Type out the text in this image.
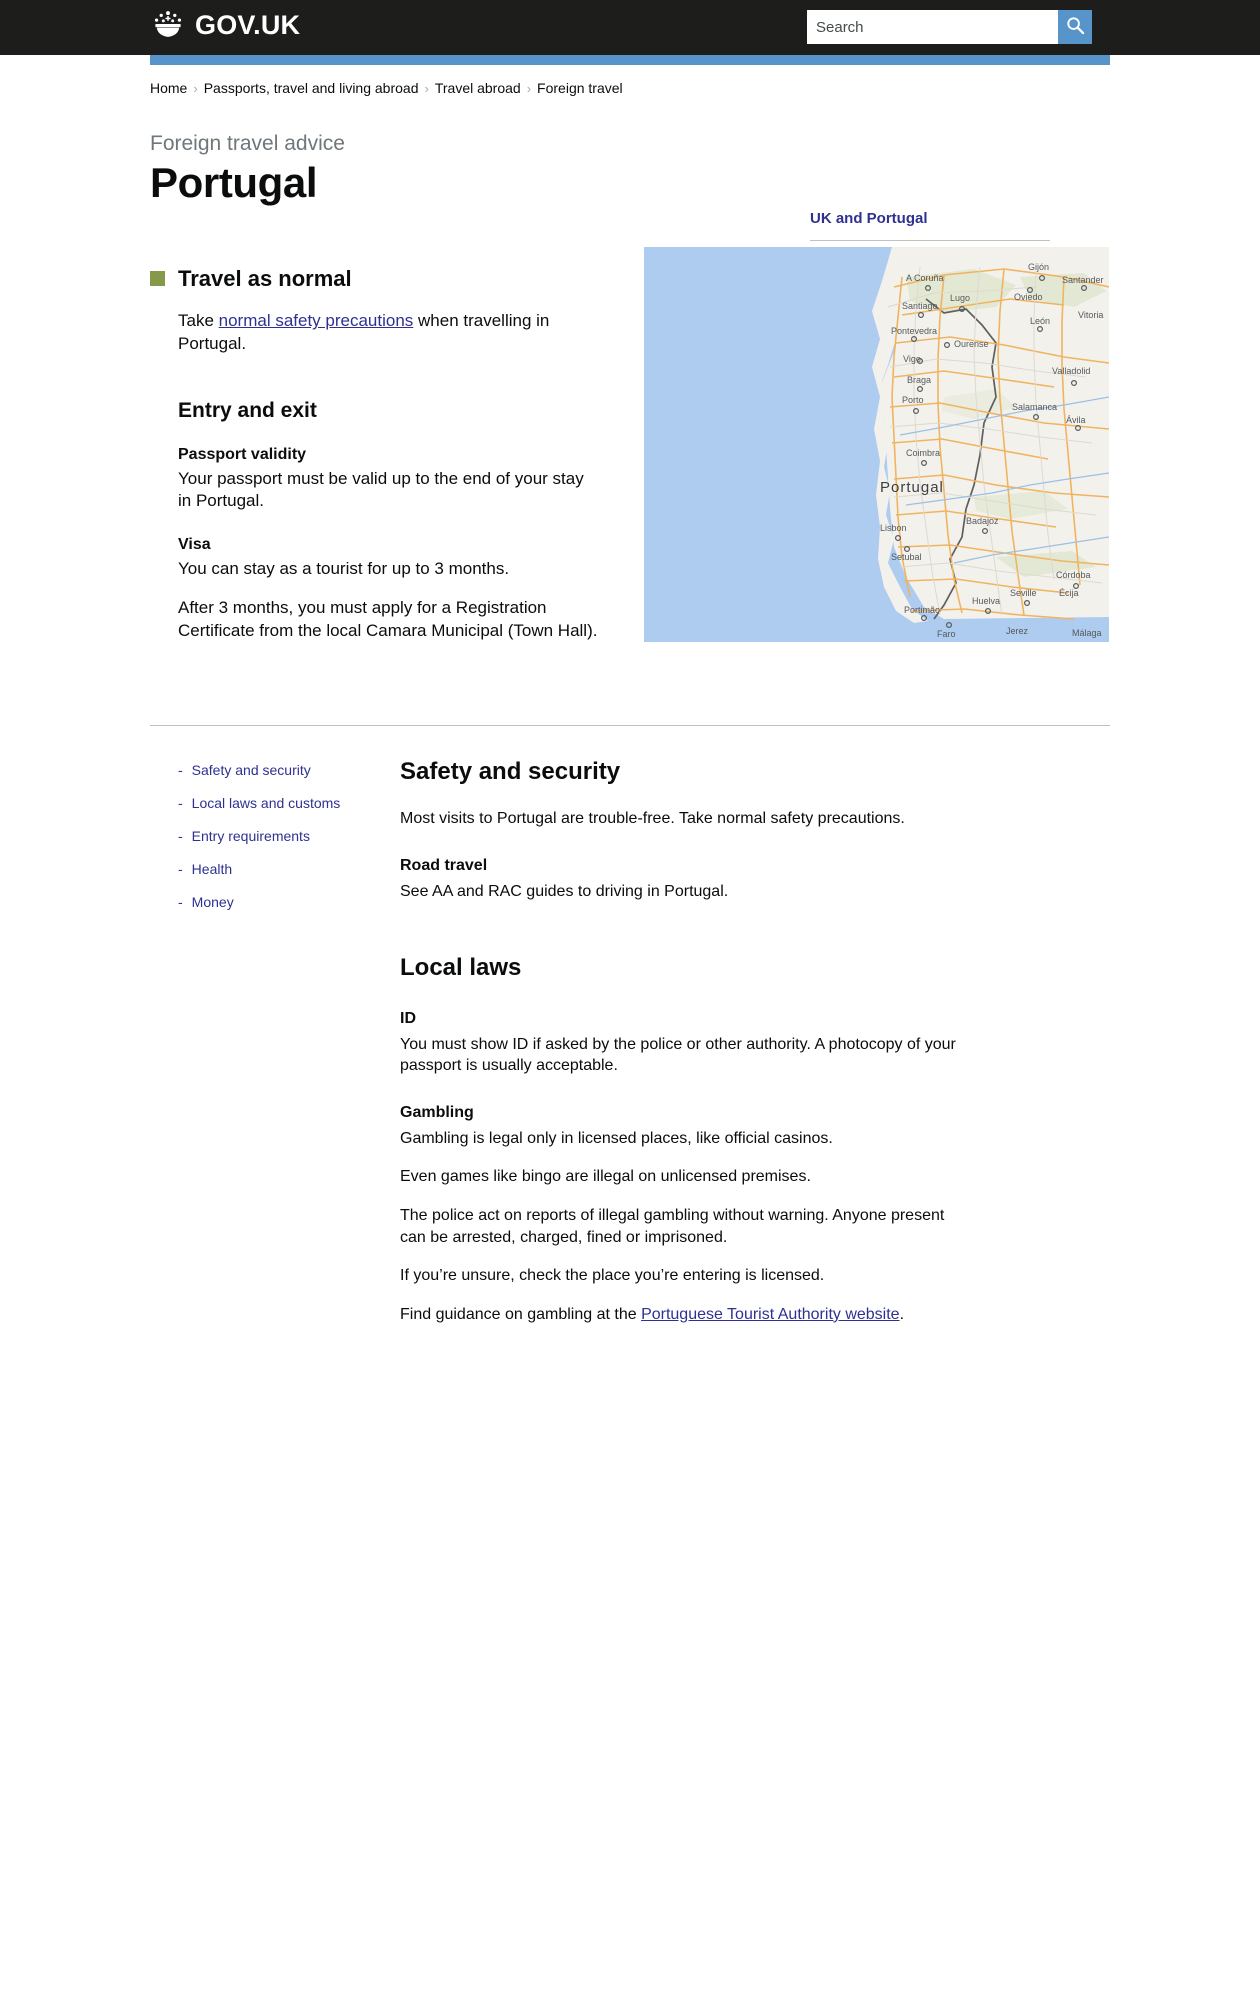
GOV.UK
Search
Home › Passports, travel and living abroad › Travel abroad › Foreign travel
Foreign travel advice
Portugal
UK and Portugal
Travel as normal

Take normal safety precautions when travelling in Portugal.

Entry and exit
Passport validity

Your passport must be valid up to the end of your stay in Portugal.

Visa

You can stay as a tourist for up to 3 months.

After 3 months, you must apply for a Registration Certificate from the local Camara Municipal (Town Hall).

A Coruña
Gijón
Santander
Santiago
Lugo	Oviedo
Vitoria
Pontevedra
Ourense
León
Vigo
Valladolid
Braga
Porto
Salamanca
Ávila
Coimbra
Badajoz
Lisbon
Setubal
Córdoba
Seville Écija
Huelva
Portimão
Faro	Jerez	Málaga
Portugal
- Safety and security
- Local laws and customs
- Entry requirements
- Health
- Money
Safety and security

Most visits to Portugal are trouble-free. Take normal safety precautions.

Road travel

See AA and RAC guides to driving in Portugal.

Local laws
ID

You must show ID if asked by the police or other authority. A photocopy of your passport is usually acceptable.

Gambling

Gambling is legal only in licensed places, like official casinos.

Even games like bingo are illegal on unlicensed premises.

The police act on reports of illegal gambling without warning. Anyone present can be arrested, charged, fined or imprisoned.

If you’re unsure, check the place you’re entering is licensed.

Find guidance on gambling at the Portuguese Tourist Authority website.
